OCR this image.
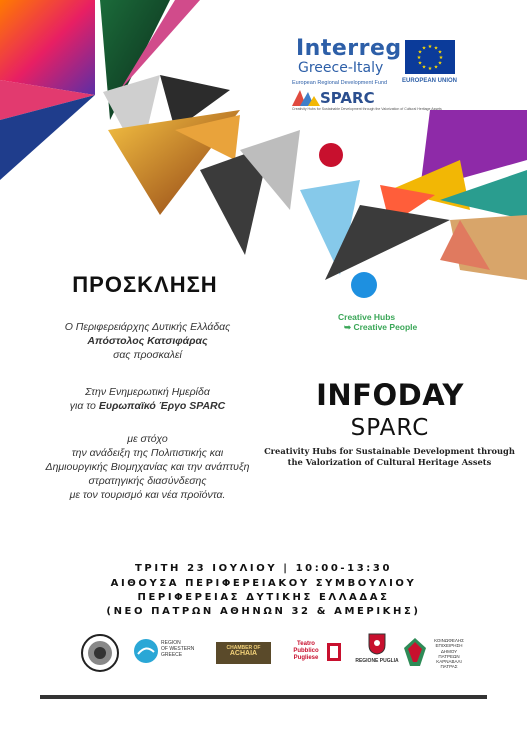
Interreg
Greece-Italy
European Regional Development Fund
★ ★
★
★
★
★
★
★
★
★
★
★
EUROPEAN UNION
SPARC
Creativity Hubs for Sustainable Development through the Valorization of Cultural Heritage Assets
Creative Hubs
➥ Creative People
ΠΡΟΣΚΛΗΣΗ
Ο Περιφερειάρχης Δυτικής Ελλάδας
Απόστολος Κατσιφάρας
σας προσκαλεί
Στην Ενημερωτική Ημερίδα
για το Ευρωπαϊκό Έργο SPARC
με στόχο
την ανάδειξη της Πολιτιστικής και
Δημιουργικής Βιομηχανίας και την ανάπτυξη
στρατηγικής διασύνδεσης
με τον τουρισμό και νέα προϊόντα.
INFODAY
SPARC
Creativity Hubs for Sustainable Development through
the Valorization of Cultural Heritage Assets
ΤΡΙΤΗ 23 ΙΟΥΛΙΟΥ | 10:00-13:30
ΑΙΘΟΥΣΑ ΠΕΡΙΦΕΡΕΙΑΚΟΥ ΣΥΜΒΟΥΛΙΟΥ
ΠΕΡΙΦΕΡΕΙΑΣ ΔΥΤΙΚΗΣ ΕΛΛΑΔΑΣ
(ΝΕΟ ΠΑΤΡΩΝ ΑΘΗΝΩΝ 32 & ΑΜΕΡΙΚΗΣ)
REGION
OF WESTERN
GREECE
CHAMBER OF
ACHAIA
Teatro
Pubblico
Pugliese	REGIONE PUGLIA
ΚΟΙΝΩΦΕΛΗΣ
ΕΠΙΧΕΙΡΗΣΗ
ΔΗΜΟΥ
ΠΑΤΡΕΩΝ
ΚΑΡΝΑΒΑΛΙ
ΠΑΤΡΑΣ
